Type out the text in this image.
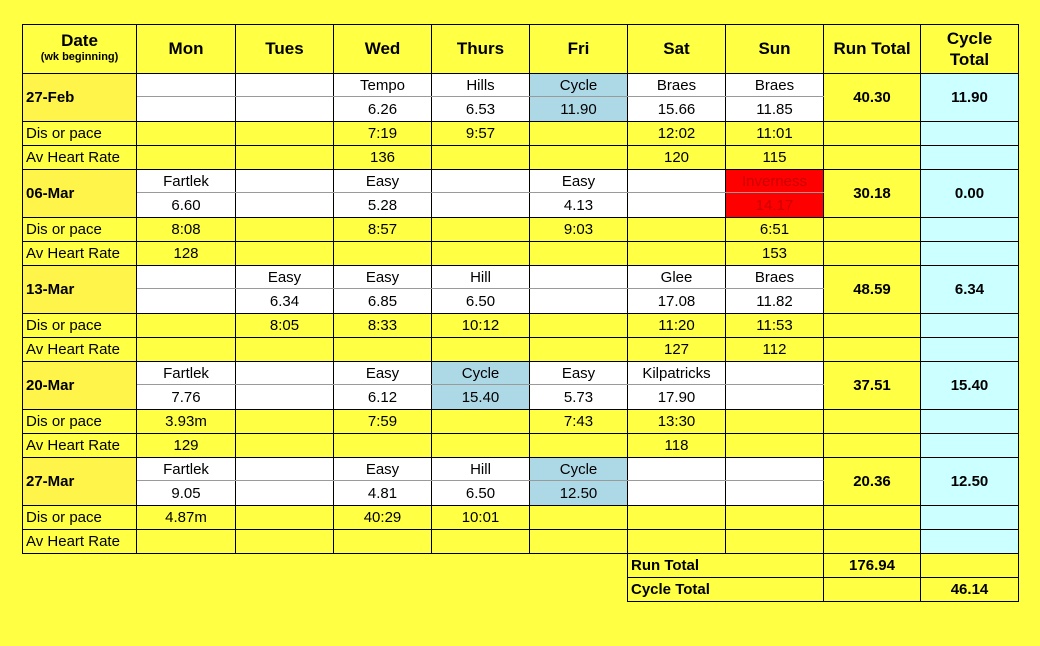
Date
(wk beginning)	Mon	Tues	Wed	Thurs	Fri	Sat	Sun	Run Total	Cycle
Total
27-Feb			Tempo	Hills	Cycle	Braes	Braes	40.30	11.90
			6.26	6.53	11.90	15.66	11.85		
Dis or pace			7:19	9:57		12:02	11:01		
Av Heart Rate			136			120	115		
06-Mar	Fartlek		Easy		Easy		Inverness	30.18	0.00
	6.60		5.28		4.13		14.17		
Dis or pace	8:08		8:57		9:03		6:51		
Av Heart Rate	128						153		
13-Mar		Easy	Easy	Hill		Glee	Braes	48.59	6.34
		6.34	6.85	6.50		17.08	11.82		
Dis or pace		8:05	8:33	10:12		11:20	11:53		
Av Heart Rate						127	112		
20-Mar	Fartlek		Easy	Cycle	Easy	Kilpatricks		37.51	15.40
	7.76		6.12	15.40	5.73	17.90			
Dis or pace	3.93m		7:59		7:43	13:30			
Av Heart Rate	129					118			
27-Mar	Fartlek		Easy	Hill	Cycle			20.36	12.50
	9.05		4.81	6.50	12.50				
Dis or pace	4.87m		40:29	10:01					
Av Heart Rate									
						Run Total		176.94	
						Cycle Total			46.14
